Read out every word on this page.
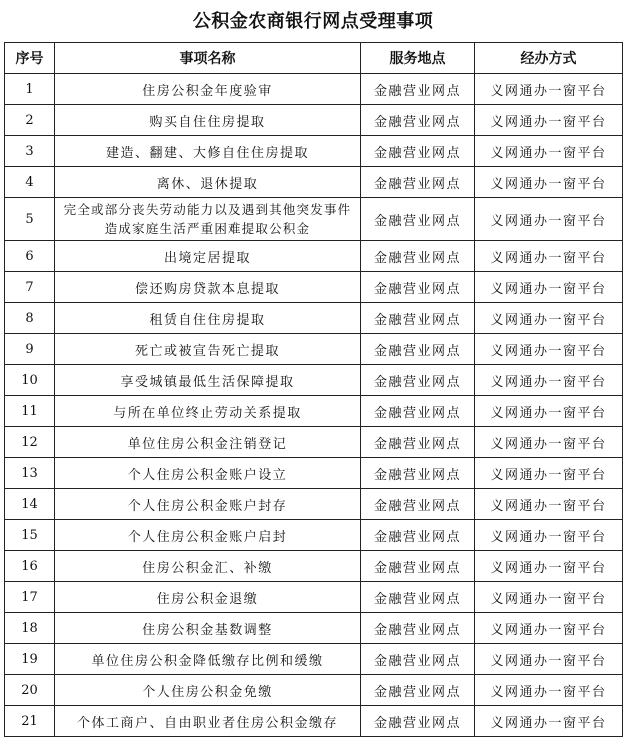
公积金农商银行网点受理事项
序号	事项名称	服务地点	经办方式
1	住房公积金年度验审	金融营业网点	义网通办一窗平台
2	购买自住住房提取	金融营业网点	义网通办一窗平台
3	建造、翻建、大修自住住房提取	金融营业网点	义网通办一窗平台
4	离休、退休提取	金融营业网点	义网通办一窗平台
5	完全或部分丧失劳动能力以及遇到其他突发事件造成家庭生活严重困难提取公积金	金融营业网点	义网通办一窗平台
6	出境定居提取	金融营业网点	义网通办一窗平台
7	偿还购房贷款本息提取	金融营业网点	义网通办一窗平台
8	租赁自住住房提取	金融营业网点	义网通办一窗平台
9	死亡或被宣告死亡提取	金融营业网点	义网通办一窗平台
10	享受城镇最低生活保障提取	金融营业网点	义网通办一窗平台
11	与所在单位终止劳动关系提取	金融营业网点	义网通办一窗平台
12	单位住房公积金注销登记	金融营业网点	义网通办一窗平台
13	个人住房公积金账户设立	金融营业网点	义网通办一窗平台
14	个人住房公积金账户封存	金融营业网点	义网通办一窗平台
15	个人住房公积金账户启封	金融营业网点	义网通办一窗平台
16	住房公积金汇、补缴	金融营业网点	义网通办一窗平台
17	住房公积金退缴	金融营业网点	义网通办一窗平台
18	住房公积金基数调整	金融营业网点	义网通办一窗平台
19	单位住房公积金降低缴存比例和缓缴	金融营业网点	义网通办一窗平台
20	个人住房公积金免缴	金融营业网点	义网通办一窗平台
21	个体工商户、自由职业者住房公积金缴存	金融营业网点	义网通办一窗平台
